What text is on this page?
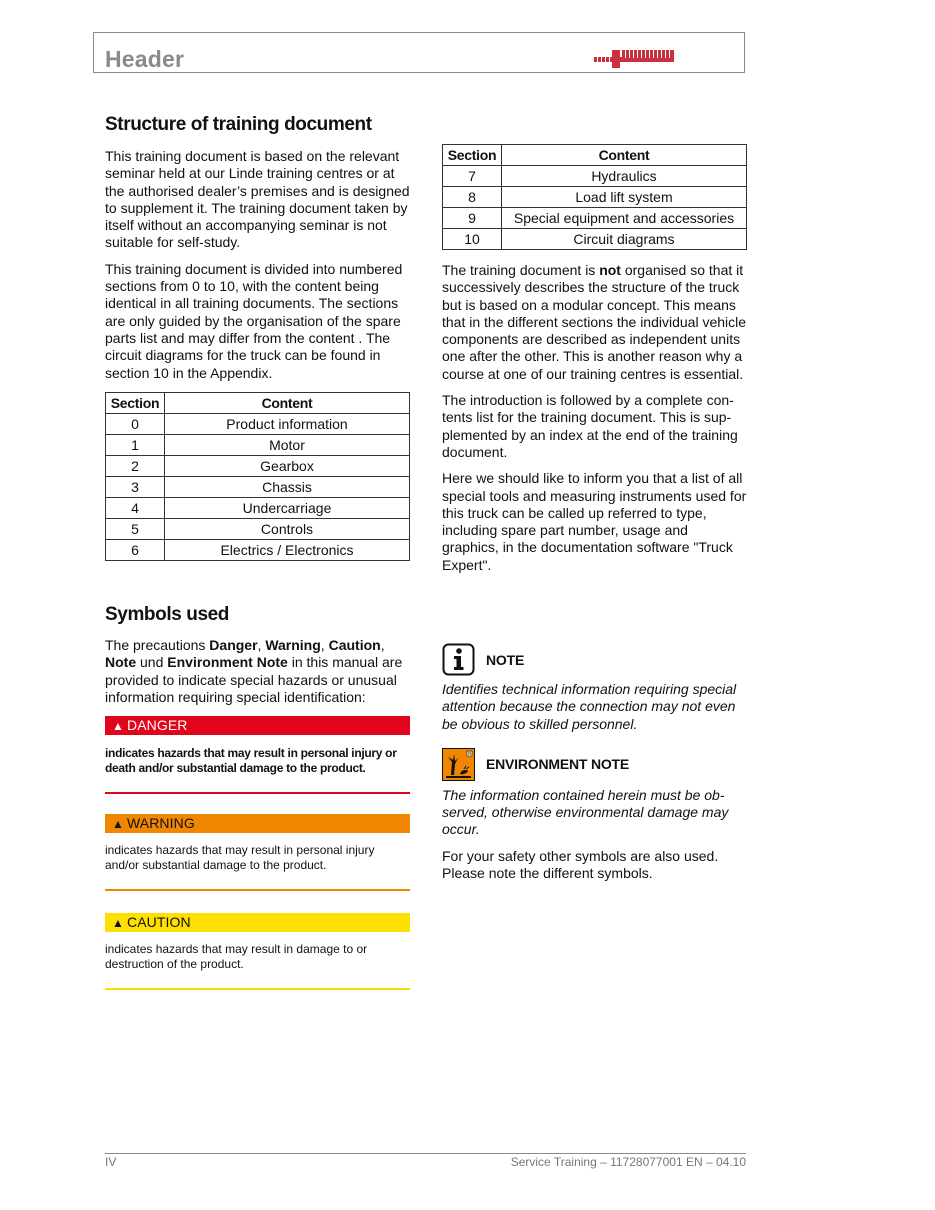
Header
Structure of training document

This training document is based on the relevant seminar held at our Linde training centres or at the authorised dealer’s premises and is designed to supplement it. The training document taken by itself without an accompanying seminar is not suitable for self-study.

This training document is divided into numbered sections from 0 to 10, with the content being identical in all training documents. The sections are only guided by the organisation of the spare parts list and may differ from the content . The circuit diagrams for the truck can be found in section 10 in the Appendix.

Section	Content
0	Product information
1	Motor
2	Gearbox
3	Chassis
4	Undercarriage
5	Controls
6	Electrics / Electronics
Section	Content
7	Hydraulics
8	Load lift system
9	Special equipment and accessories
10	Circuit diagrams

The training document is not organised so that it successively describes the structure of the truck but is based on a modular concept. This means that in the different sections the individual vehicle components are described as independent units one after the other. This is another reason why a course at one of our training centres is essential.

The introduction is followed by a complete con-tents list for the training document. This is sup-plemented by an index at the end of the training document.

Here we should like to inform you that a list of all special tools and measuring instruments used for this truck can be called up referred to type, including spare part number, usage and graphics, in the documentation software "Truck Expert".

Symbols used

The precautions Danger, Warning, Caution,
Note und Environment Note in this manual are provided to indicate special hazards or unusual information requiring special identification:

▲ DANGER

indicates hazards that may result in personal injury or death and/or substantial damage to the product.

▲ WARNING

indicates hazards that may result in personal injury and/or substantial damage to the product.

▲ CAUTION

indicates hazards that may result in damage to or destruction of the product.

NOTE

Identifies technical information requiring special attention because the connection may not even be obvious to skilled personnel.

N
ENVIRONMENT NOTE

The information contained herein must be ob-served, otherwise environmental damage may occur.

For your safety other symbols are also used. Please note the different symbols.

IV	Service Training – 11728077001 EN – 04.10
